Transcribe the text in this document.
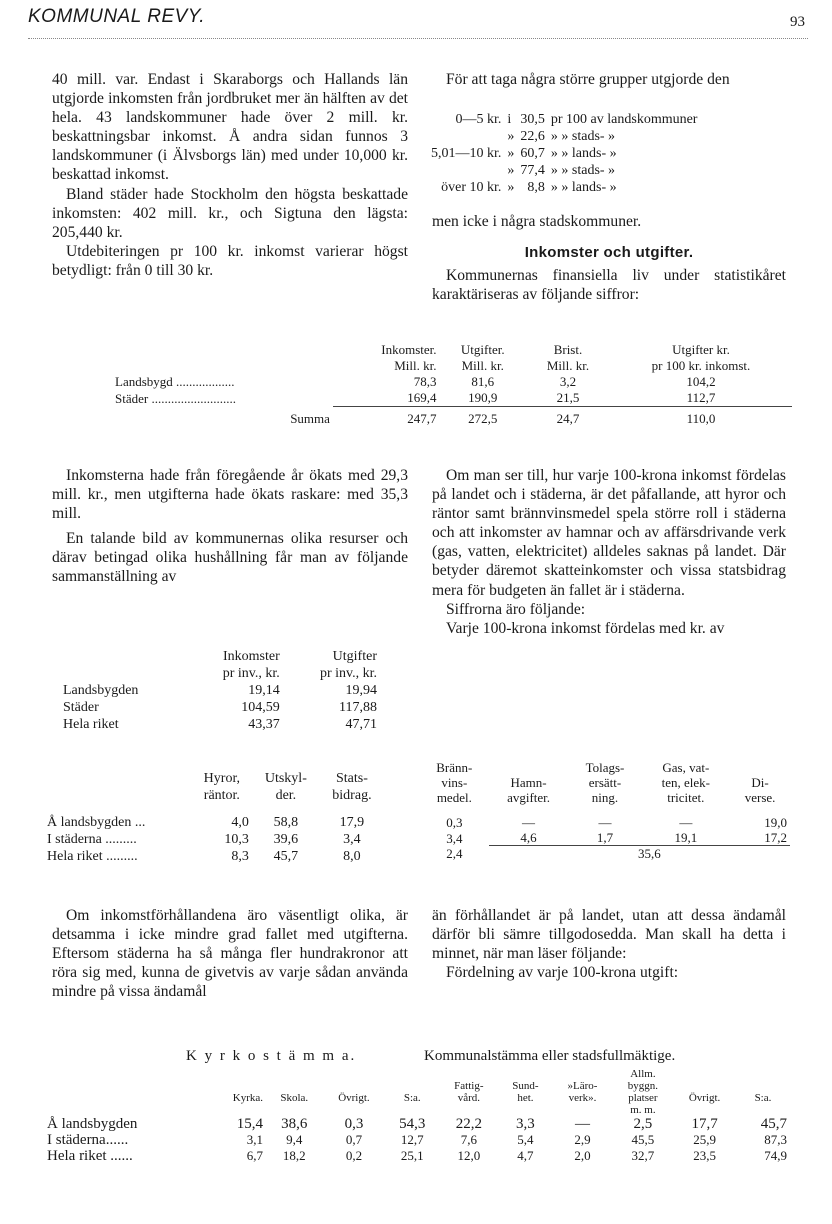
KOMMUNAL REVY.	93

40 mill. var. Endast i Skaraborgs och Hallands län utgjorde inkomsten från jordbruket mer än hälften av det hela. 43 landskommuner hade över 2 mill. kr. beskattningsbar inkomst. Å andra sidan funnos 3 landskommuner (i Älvsborgs län) med under 10,000 kr. beskattad inkomst.

Bland städer hade Stockholm den högsta beskattade inkomsten: 402 mill. kr., och Sigtuna den lägsta: 205,440 kr.

Utdebiteringen pr 100 kr. inkomst varierar högst betydligt: från 0 till 30 kr.

För att taga några större grupper utgjorde den

0—5 kr.	i	30,5	pr 100 av landskommuner
	»	22,6	» » stads- »
5,01—10 kr.	»	60,7	» » lands- »
	»	77,4	» » stads- »
över 10 kr.	»	8,8	» » lands- »

men icke i några stadskommuner.

Inkomster och utgifter.

Kommunernas finansiella liv under statistikåret karaktäriseras av följande siffror:

	Inkomster.	Utgifter.	Brist.	Utgifter kr.
	Mill. kr.	Mill. kr.	Mill. kr.	pr 100 kr. inkomst.
Landsbygd ..................	78,3	81,6	3,2	104,2
Städer ..........................	169,4	190,9	21,5	112,7
Summa	247,7	272,5	24,7	110,0

Inkomsterna hade från föregående år ökats med 29,3 mill. kr., men utgifterna hade ökats raskare: med 35,3 mill.

En talande bild av kommunernas olika resurser och därav betingad olika hushållning får man av följande sammanställning av

	Inkomster	Utgifter
	pr inv., kr.	pr inv., kr.
Landsbygden	19,14	19,94
Städer	104,59	117,88
Hela riket	43,37	47,71
	Hyror,	Utskyl-	Stats-
	räntor.	der.	bidrag.
Å landsbygden ...	4,0	58,8	17,9
I städerna .........	10,3	39,6	3,4
Hela riket .........	8,3	45,7	8,0

Om inkomstförhållandena äro väsentligt olika, är detsamma i icke mindre grad fallet med utgifterna. Eftersom städerna ha så många fler hundrakronor att röra sig med, kunna de givetvis av varje sådan använda mindre på vissa ändamål

Om man ser till, hur varje 100-krona inkomst fördelas på landet och i städerna, är det påfallande, att hyror och räntor samt brännvinsmedel spela större roll i städerna och att inkomster av hamnar och av affärsdrivande verk (gas, vatten, elektricitet) alldeles saknas på landet. Där betyder däremot skatteinkomster och vissa statsbidrag mera för budgeten än fallet är i städerna.

Siffrorna äro följande:

Varje 100-krona inkomst fördelas med kr. av

Bränn-		Tolags-	Gas, vat-	
vins-	Hamn-	ersätt-	ten, elek-	Di-
medel.	avgifter.	ning.	tricitet.	verse.
0,3	—	—	—	19,0
3,4	4,6	1,7	19,1	17,2
2,4		35,6		

än förhållandet är på landet, utan att dessa ändamål därför bli sämre tillgodosedda. Man skall ha detta i minnet, när man läser följande:

Fördelning av varje 100-krona utgift:

K y r k o s t ä m m a.	Kommunalstämma eller stadsfullmäktige.
								Allm.		
					Fattig-	Sund-	»Läro-	byggn.		
	Kyrka.	Skola.	Övrigt.	S:a.	vård.	het.	verk».	platser	Övrigt.	S:a.
								m. m.		
Å landsbygden	15,4	38,6	0,3	54,3	22,2	3,3	—	2,5	17,7	45,7
I städerna......	3,1	9,4	0,7	12,7	7,6	5,4	2,9	45,5	25,9	87,3
Hela riket ......	6,7	18,2	0,2	25,1	12,0	4,7	2,0	32,7	23,5	74,9
